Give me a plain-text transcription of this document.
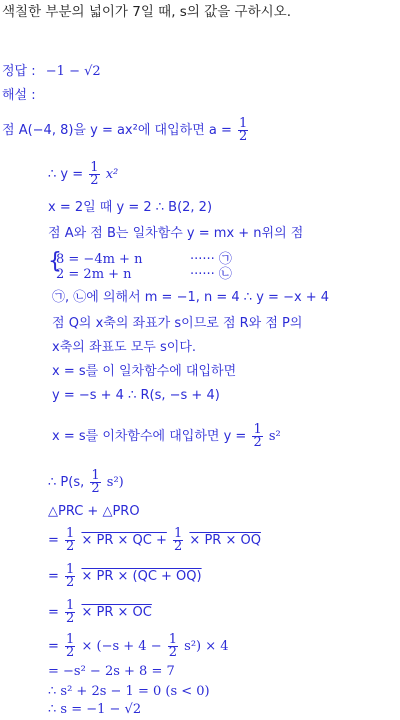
색칠한 부분의 넓이가 7일 때, s의 값을 구하시오.
정답 : −1 − √2
해설 :
점 A(−4, 8)을 y = ax²에 대입하면 $a = \frac{1}{2}$
∴ $y = \frac{1}{2} x^2$
x = 2일 때 y = 2 ∴ B(2, 2)
점 A와 점 B는 일차함수 y = mx + n위의 점
{
8 = −4m + n	······ ㉠
2 = 2m + n	······ ㉡
㉠, ㉡에 의해서 m = −1, n = 4 ∴ y = −x + 4
점 Q의 x축의 좌표가 s이므로 점 R와 점 P의
x축의 좌표도 모두 s이다.
x = s를 이 일차함수에 대입하면
y = −s + 4 ∴ R(s, −s + 4)
x = s를 이차함수에 대입하면 $y = \frac{1}{2} s^2$
∴ P(s, $\frac{1}{2} s^2$)
△PRC + △PRO
= $\frac{1}{2}$ × PR × QC + $\frac{1}{2}$ × PR × OQ
= $\frac{1}{2}$ × PR × (QC + OQ)
= $\frac{1}{2}$ × PR × OC
= $\frac{1}{2} \times (-s + 4 - \frac{1}{2} s^2) \times 4$
= −s² − 2s + 8 = 7
∴ s² + 2s − 1 = 0 (s < 0)
∴ s = −1 − √2
